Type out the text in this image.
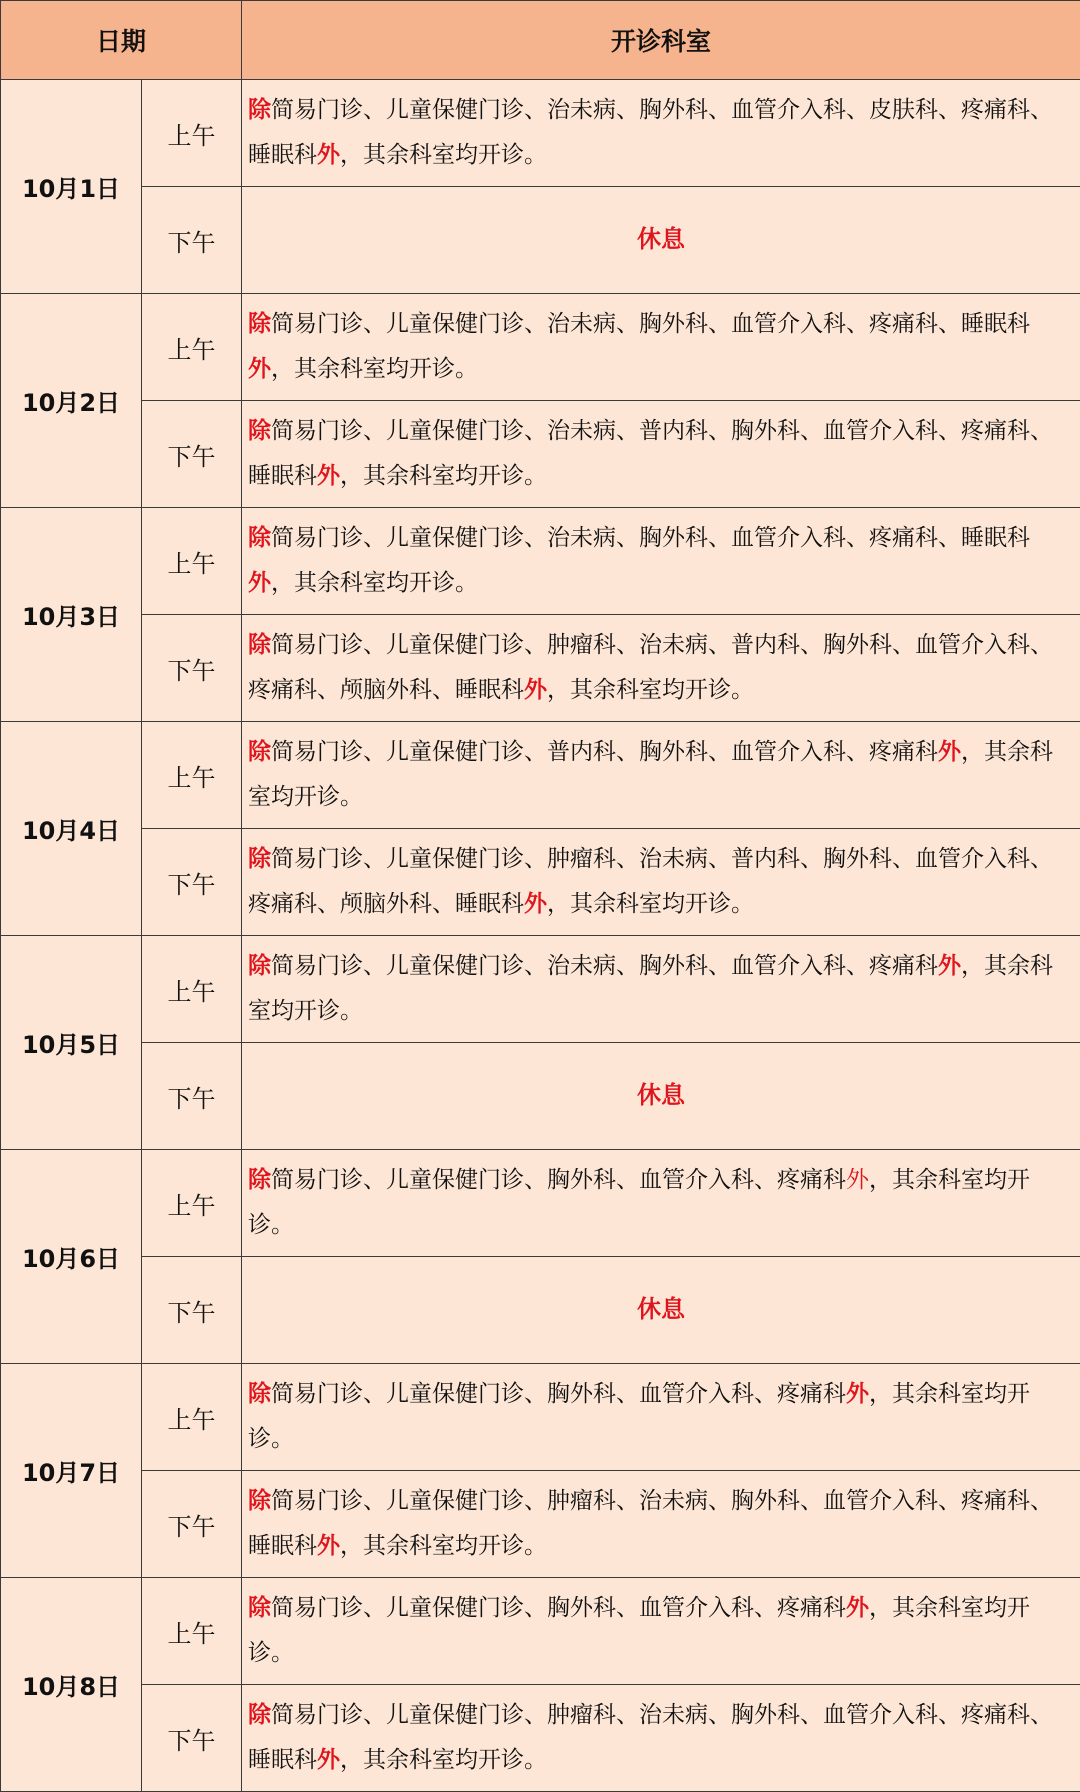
日期		开诊科室
10月1日	上午	除简易门诊、儿童保健门诊、治未病、胸外科、血管介入科、皮肤科、疼痛科、睡眠科外，其余科室均开诊。
	下午	休息
10月2日	上午	除简易门诊、儿童保健门诊、治未病、胸外科、血管介入科、疼痛科、睡眠科外，其余科室均开诊。
	下午	除简易门诊、儿童保健门诊、治未病、普内科、胸外科、血管介入科、疼痛科、睡眠科外，其余科室均开诊。
10月3日	上午	除简易门诊、儿童保健门诊、治未病、胸外科、血管介入科、疼痛科、睡眠科外，其余科室均开诊。
	下午	除简易门诊、儿童保健门诊、肿瘤科、治未病、普内科、胸外科、血管介入科、疼痛科、颅脑外科、睡眠科外，其余科室均开诊。
10月4日	上午	除简易门诊、儿童保健门诊、普内科、胸外科、血管介入科、疼痛科外，其余科室均开诊。
	下午	除简易门诊、儿童保健门诊、肿瘤科、治未病、普内科、胸外科、血管介入科、疼痛科、颅脑外科、睡眠科外，其余科室均开诊。
10月5日	上午	除简易门诊、儿童保健门诊、治未病、胸外科、血管介入科、疼痛科外，其余科室均开诊。
	下午	休息
10月6日	上午	除简易门诊、儿童保健门诊、胸外科、血管介入科、疼痛科外，其余科室均开诊。
	下午	休息
10月7日	上午	除简易门诊、儿童保健门诊、胸外科、血管介入科、疼痛科外，其余科室均开诊。
	下午	除简易门诊、儿童保健门诊、肿瘤科、治未病、胸外科、血管介入科、疼痛科、睡眠科外，其余科室均开诊。
10月8日	上午	除简易门诊、儿童保健门诊、胸外科、血管介入科、疼痛科外，其余科室均开诊。
	下午	除简易门诊、儿童保健门诊、肿瘤科、治未病、胸外科、血管介入科、疼痛科、睡眠科外，其余科室均开诊。
